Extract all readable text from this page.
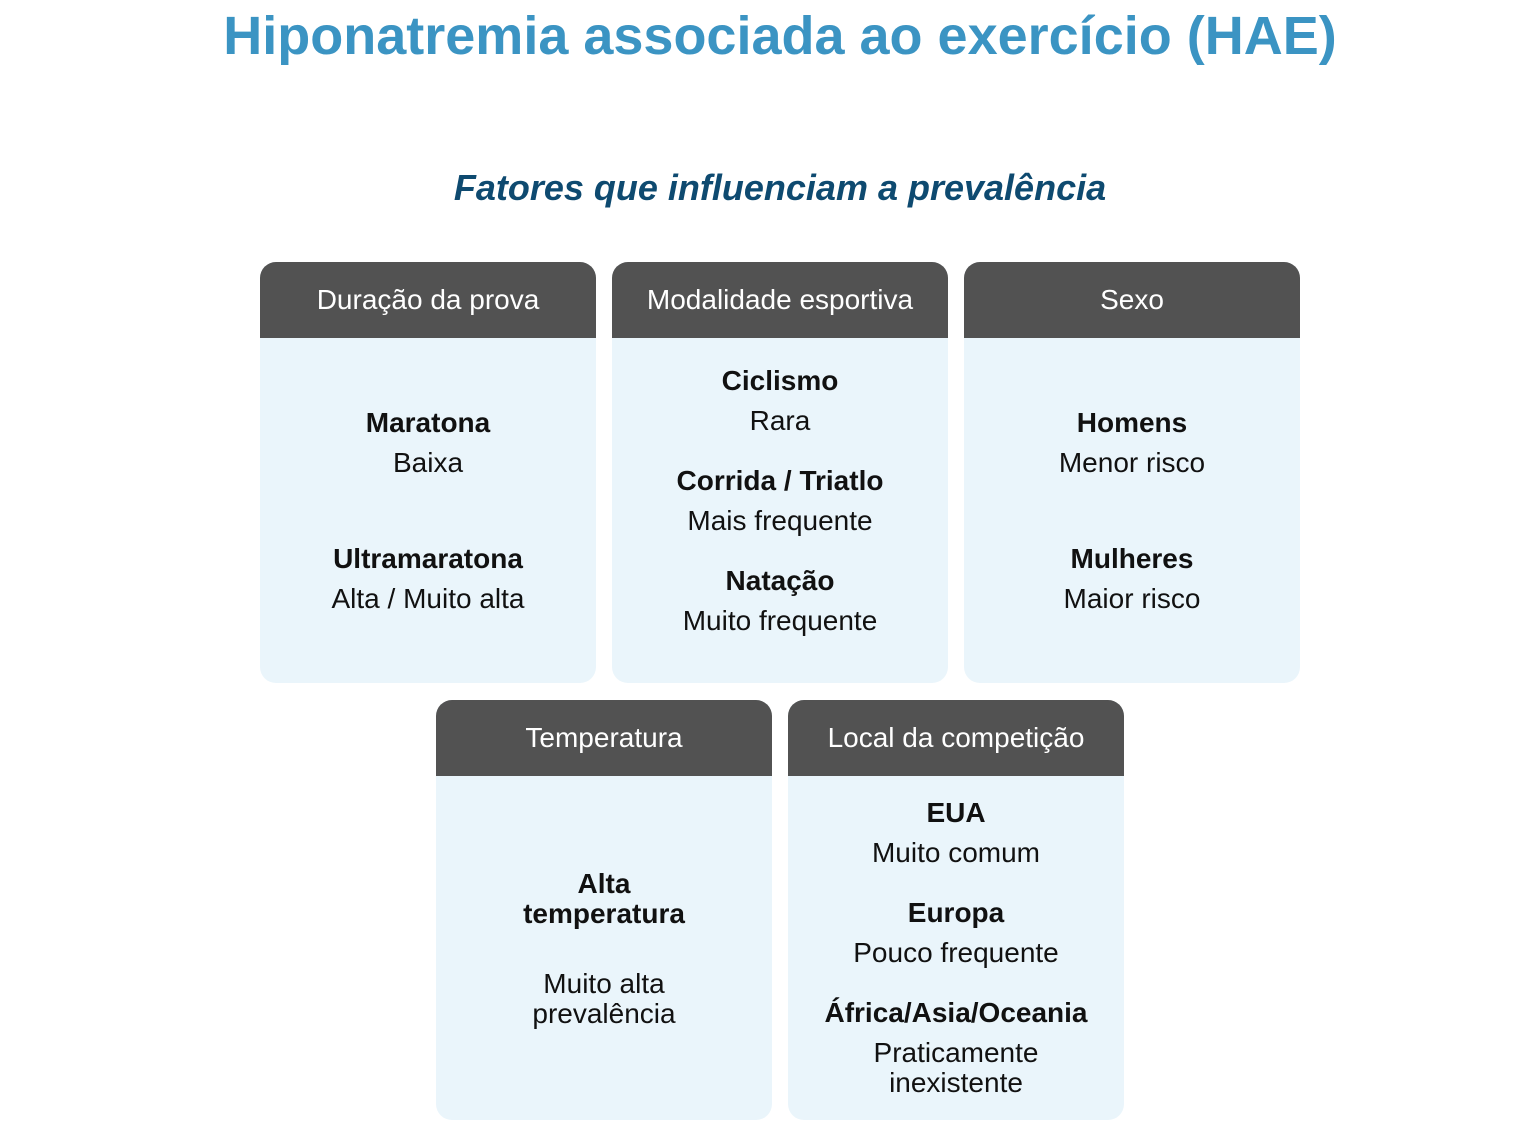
Hiponatremia associada ao exercício (HAE)
Fatores que influenciam a prevalência
Duração da prova
Maratona
Baixa
Ultramaratona
Alta / Muito alta
Modalidade esportiva
Ciclismo
Rara
Corrida / Triatlo
Mais frequente
Natação
Muito frequente
Sexo
Homens
Menor risco
Mulheres
Maior risco
Temperatura
Alta temperatura
Muito alta prevalência
Local da competição
EUA
Muito comum
Europa
Pouco frequente
África/Asia/Oceania
Praticamente inexistente
